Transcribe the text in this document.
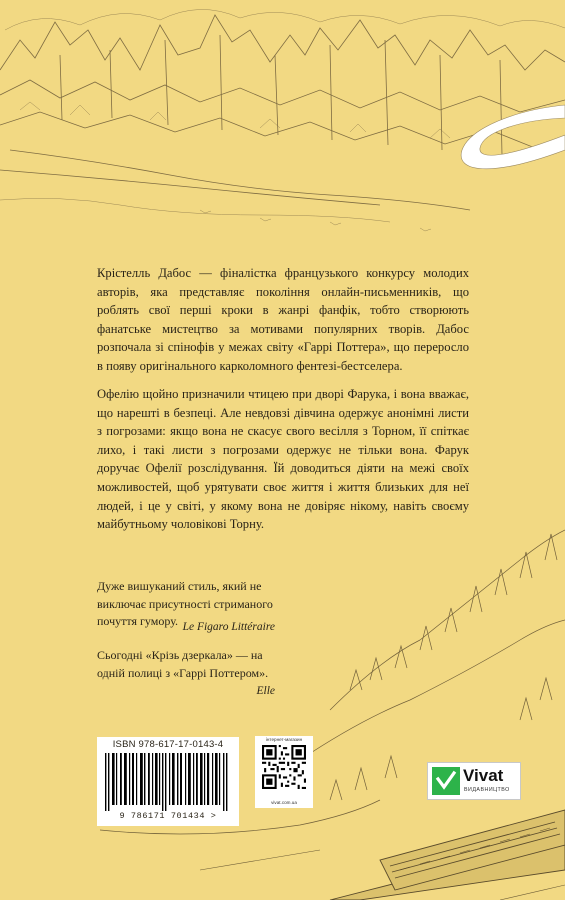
Крістелль Дабос — фіналістка французького конкурсу молодих авторів, яка представляє покоління онлайн-письменників, що роблять свої перші кроки в жанрі фанфік, тобто створюють фанатське мистецтво за мотивами популярних творів. Дабос розпочала зі спінофів у межах світу «Гаррі Поттера», що переросло в появу оригінального карколомного фентезі-бестселера.

Офелію щойно призначили чтицею при дворі Фарука, і вона вважає, що нарешті в безпеці. Але невдовзі дівчина одержує анонімні листи з погрозами: якщо вона не скасує свого весілля з Торном, її спіткає лихо, і такі листи з погрозами одержує не тільки вона. Фарук доручає Офелії розслідування. Їй доводиться діяти на межі своїх можливостей, щоб урятувати своє життя і життя близьких для неї людей, і це у світі, у якому вона не довіряє нікому, навіть своєму майбутньому чоловікові Торну.

Дуже вишуканий стиль, який не виключає присутності стриманого почуття гумору. Le Figaro Littéraire

Сьогодні «Крізь дзеркала» — на одній полиці з «Гаррі Поттером».

Elle

ISBN 978-617-17-0143-4
9 786171 701434 >
інтернет-магазин
vivat.com.ua
Vivat
ВИДАВНИЦТВО
